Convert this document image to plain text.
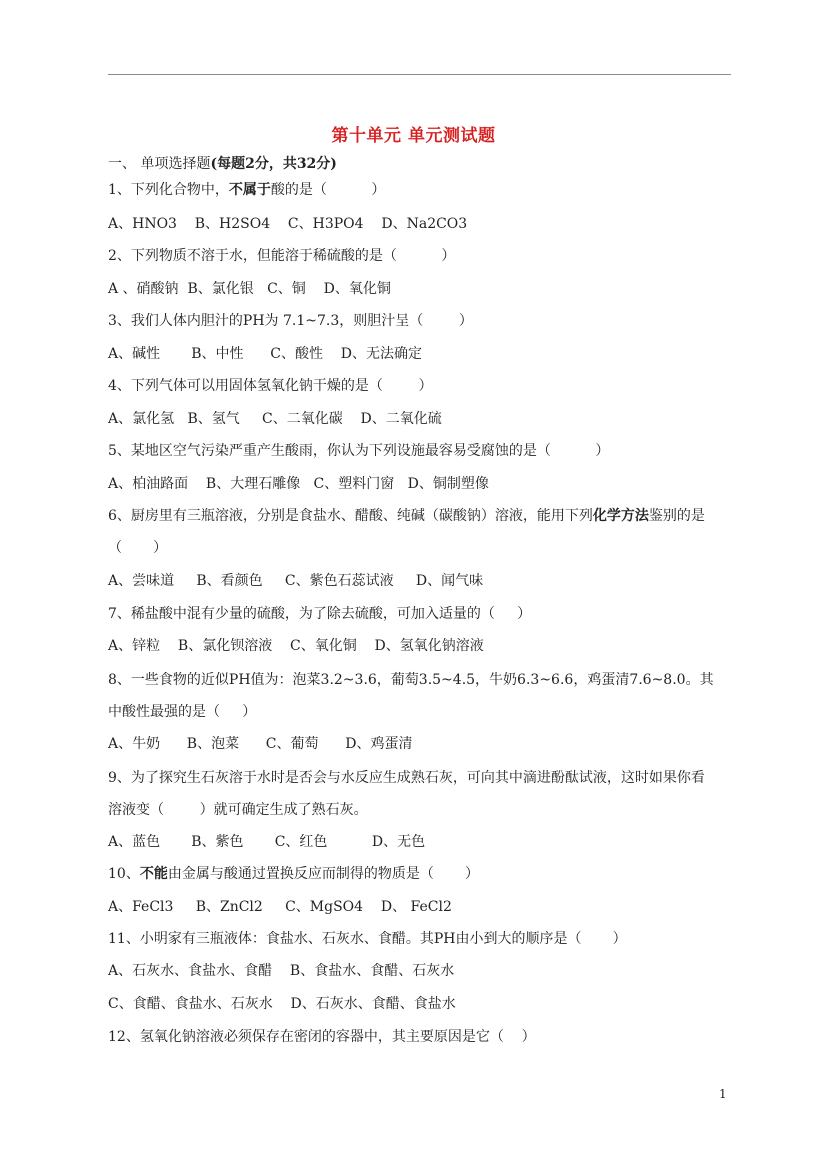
第十单元 单元测试题
一、 单项选择题(每题2分，共32分)
1、下列化合物中，不属于酸的是（          ）
A、HNO3    B、H2SO4    C、H3PO4    D、Na2CO3
2、下列物质不溶于水，但能溶于稀硫酸的是（          ）
A 、硝酸钠  B、氯化银   C、铜    D、氧化铜
3、我们人体内胆汁的PH为 7.1~7.3，则胆汁呈（        ）
A、碱性       B、中性      C、酸性    D、无法确定
4、下列气体可以用固体氢氧化钠干燥的是（        ）
A、氯化氢   B、氢气     C、二氧化碳    D、二氧化硫
5、某地区空气污染严重产生酸雨，你认为下列设施最容易受腐蚀的是（          ）
A、柏油路面    B、大理石雕像   C、塑料门窗   D、铜制塑像
6、厨房里有三瓶溶液，分别是食盐水、醋酸、纯碱（碳酸钠）溶液，能用下列化学方法鉴别的是
（       ）
A、尝味道     B、看颜色     C、紫色石蕊试液     D、闻气味
7、稀盐酸中混有少量的硫酸，为了除去硫酸，可加入适量的（     ）
A、锌粒    B、氯化钡溶液    C、氧化铜    D、氢氧化钠溶液
8、一些食物的近似PH值为：泡菜3.2~3.6，葡萄3.5~4.5，牛奶6.3~6.6，鸡蛋清7.6~8.0。其
中酸性最强的是（     ）
A、牛奶      B、泡菜      C、葡萄      D、鸡蛋清
9、为了探究生石灰溶于水时是否会与水反应生成熟石灰，可向其中滴进酚酞试液，这时如果你看
溶液变（        ）就可确定生成了熟石灰。
A、蓝色       B、紫色       C、红色          D、无色
10、不能由金属与酸通过置换反应而制得的物质是（       ）
A、FeCl3     B、ZnCl2     C、MgSO4    D、 FeCl2
11、小明家有三瓶液体：食盐水、石灰水、食醋。其PH由小到大的顺序是（       ）
A、石灰水、食盐水、食醋    B、食盐水、食醋、石灰水
C、食醋、食盐水、石灰水    D、石灰水、食醋、食盐水
12、氢氧化钠溶液必须保存在密闭的容器中，其主要原因是它（    ）
1
